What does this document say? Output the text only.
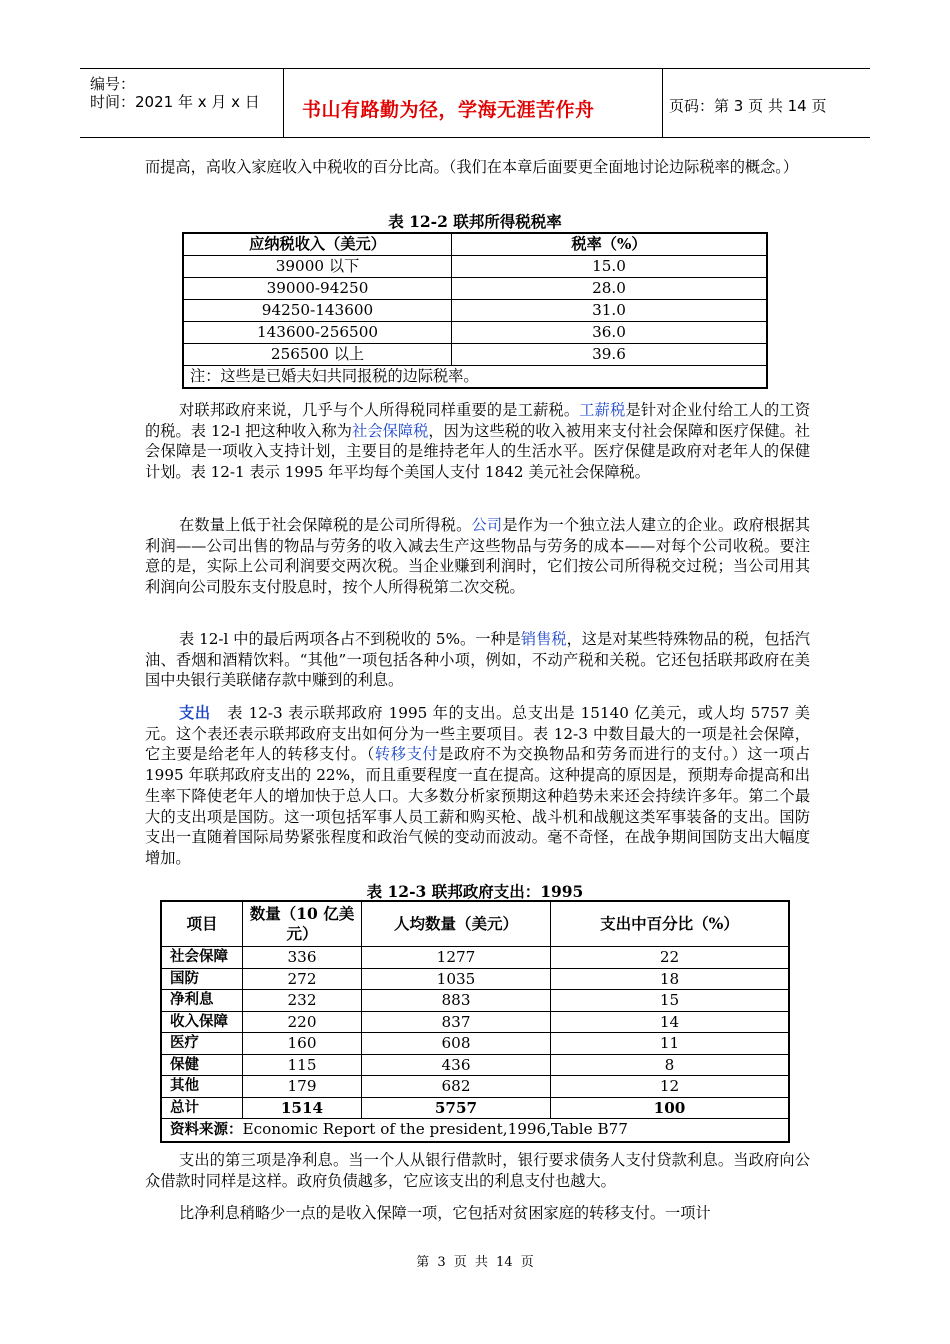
编号：
时间：2021 年 x 月 x 日 书山有路勤为径，学海无涯苦作舟	页码：第 3 页 共 14 页
而提高，高收入家庭收入中税收的百分比高。（我们在本章后面要更全面地讨论边际税率的概念。）
表 12-2 联邦所得税税率
应纳税收入（美元）	税率（%）
39000 以下	15.0
39000-94250	28.0
94250-143600	31.0
143600-256500	36.0
256500 以上	39.6
注：这些是已婚夫妇共同报税的边际税率。	
对联邦政府来说，几乎与个人所得税同样重要的是工薪税。工薪税是针对企业付给工人的工资的税。表 12-l 把这种收入称为社会保障税，因为这些税的收入被用来支付社会保障和医疗保健。社会保障是一项收入支持计划，主要目的是维持老年人的生活水平。医疗保健是政府对老年人的保健计划。表 12-1 表示 1995 年平均每个美国人支付 1842 美元社会保障税。
在数量上低于社会保障税的是公司所得税。公司是作为一个独立法人建立的企业。政府根据其利润——公司出售的物品与劳务的收入减去生产这些物品与劳务的成本——对每个公司收税。要注意的是，实际上公司利润要交两次税。当企业赚到利润时，它们按公司所得税交过税；当公司用其利润向公司股东支付股息时，按个人所得税第二次交税。
表 12-l 中的最后两项各占不到税收的 5%。一种是销售税，这是对某些特殊物品的税，包括汽油、香烟和酒精饮料。“其他”一项包括各种小项，例如，不动产税和关税。它还包括联邦政府在美国中央银行美联储存款中赚到的利息。
支出 表 12-3 表示联邦政府 1995 年的支出。总支出是 15140 亿美元，或人均 5757 美元。这个表还表示联邦政府支出如何分为一些主要项目。表 12-3 中数目最大的一项是社会保障，它主要是给老年人的转移支付。（转移支付是政府不为交换物品和劳务而进行的支付。）这一项占 1995 年联邦政府支出的 22%，而且重要程度一直在提高。这种提高的原因是，预期寿命提高和出生率下降使老年人的增加快于总人口。大多数分析家预期这种趋势未来还会持续许多年。第二个最大的支出项是国防。这一项包括军事人员工薪和购买枪、战斗机和战舰这类军事装备的支出。国防支出一直随着国际局势紧张程度和政治气候的变动而波动。毫不奇怪，在战争期间国防支出大幅度增加。
表 12-3 联邦政府支出：1995
项目	数量（10 亿美元）	人均数量（美元）	支出中百分比（%）
社会保障	336	1277	22
国防	272	1035	18
净利息	232	883	15
收入保障	220	837	14
医疗	160	608	11
保健	115	436	8
其他	179	682	12
总计	1514	5757	100
资料来源：Economic Report of the president,1996,Table B77			
支出的第三项是净利息。当一个人从银行借款时，银行要求债务人支付贷款利息。当政府向公众借款时同样是这样。政府负债越多，它应该支出的利息支付也越大。
比净利息稍略少一点的是收入保障一项，它包括对贫困家庭的转移支付。一项计
第 3 页 共 14 页
